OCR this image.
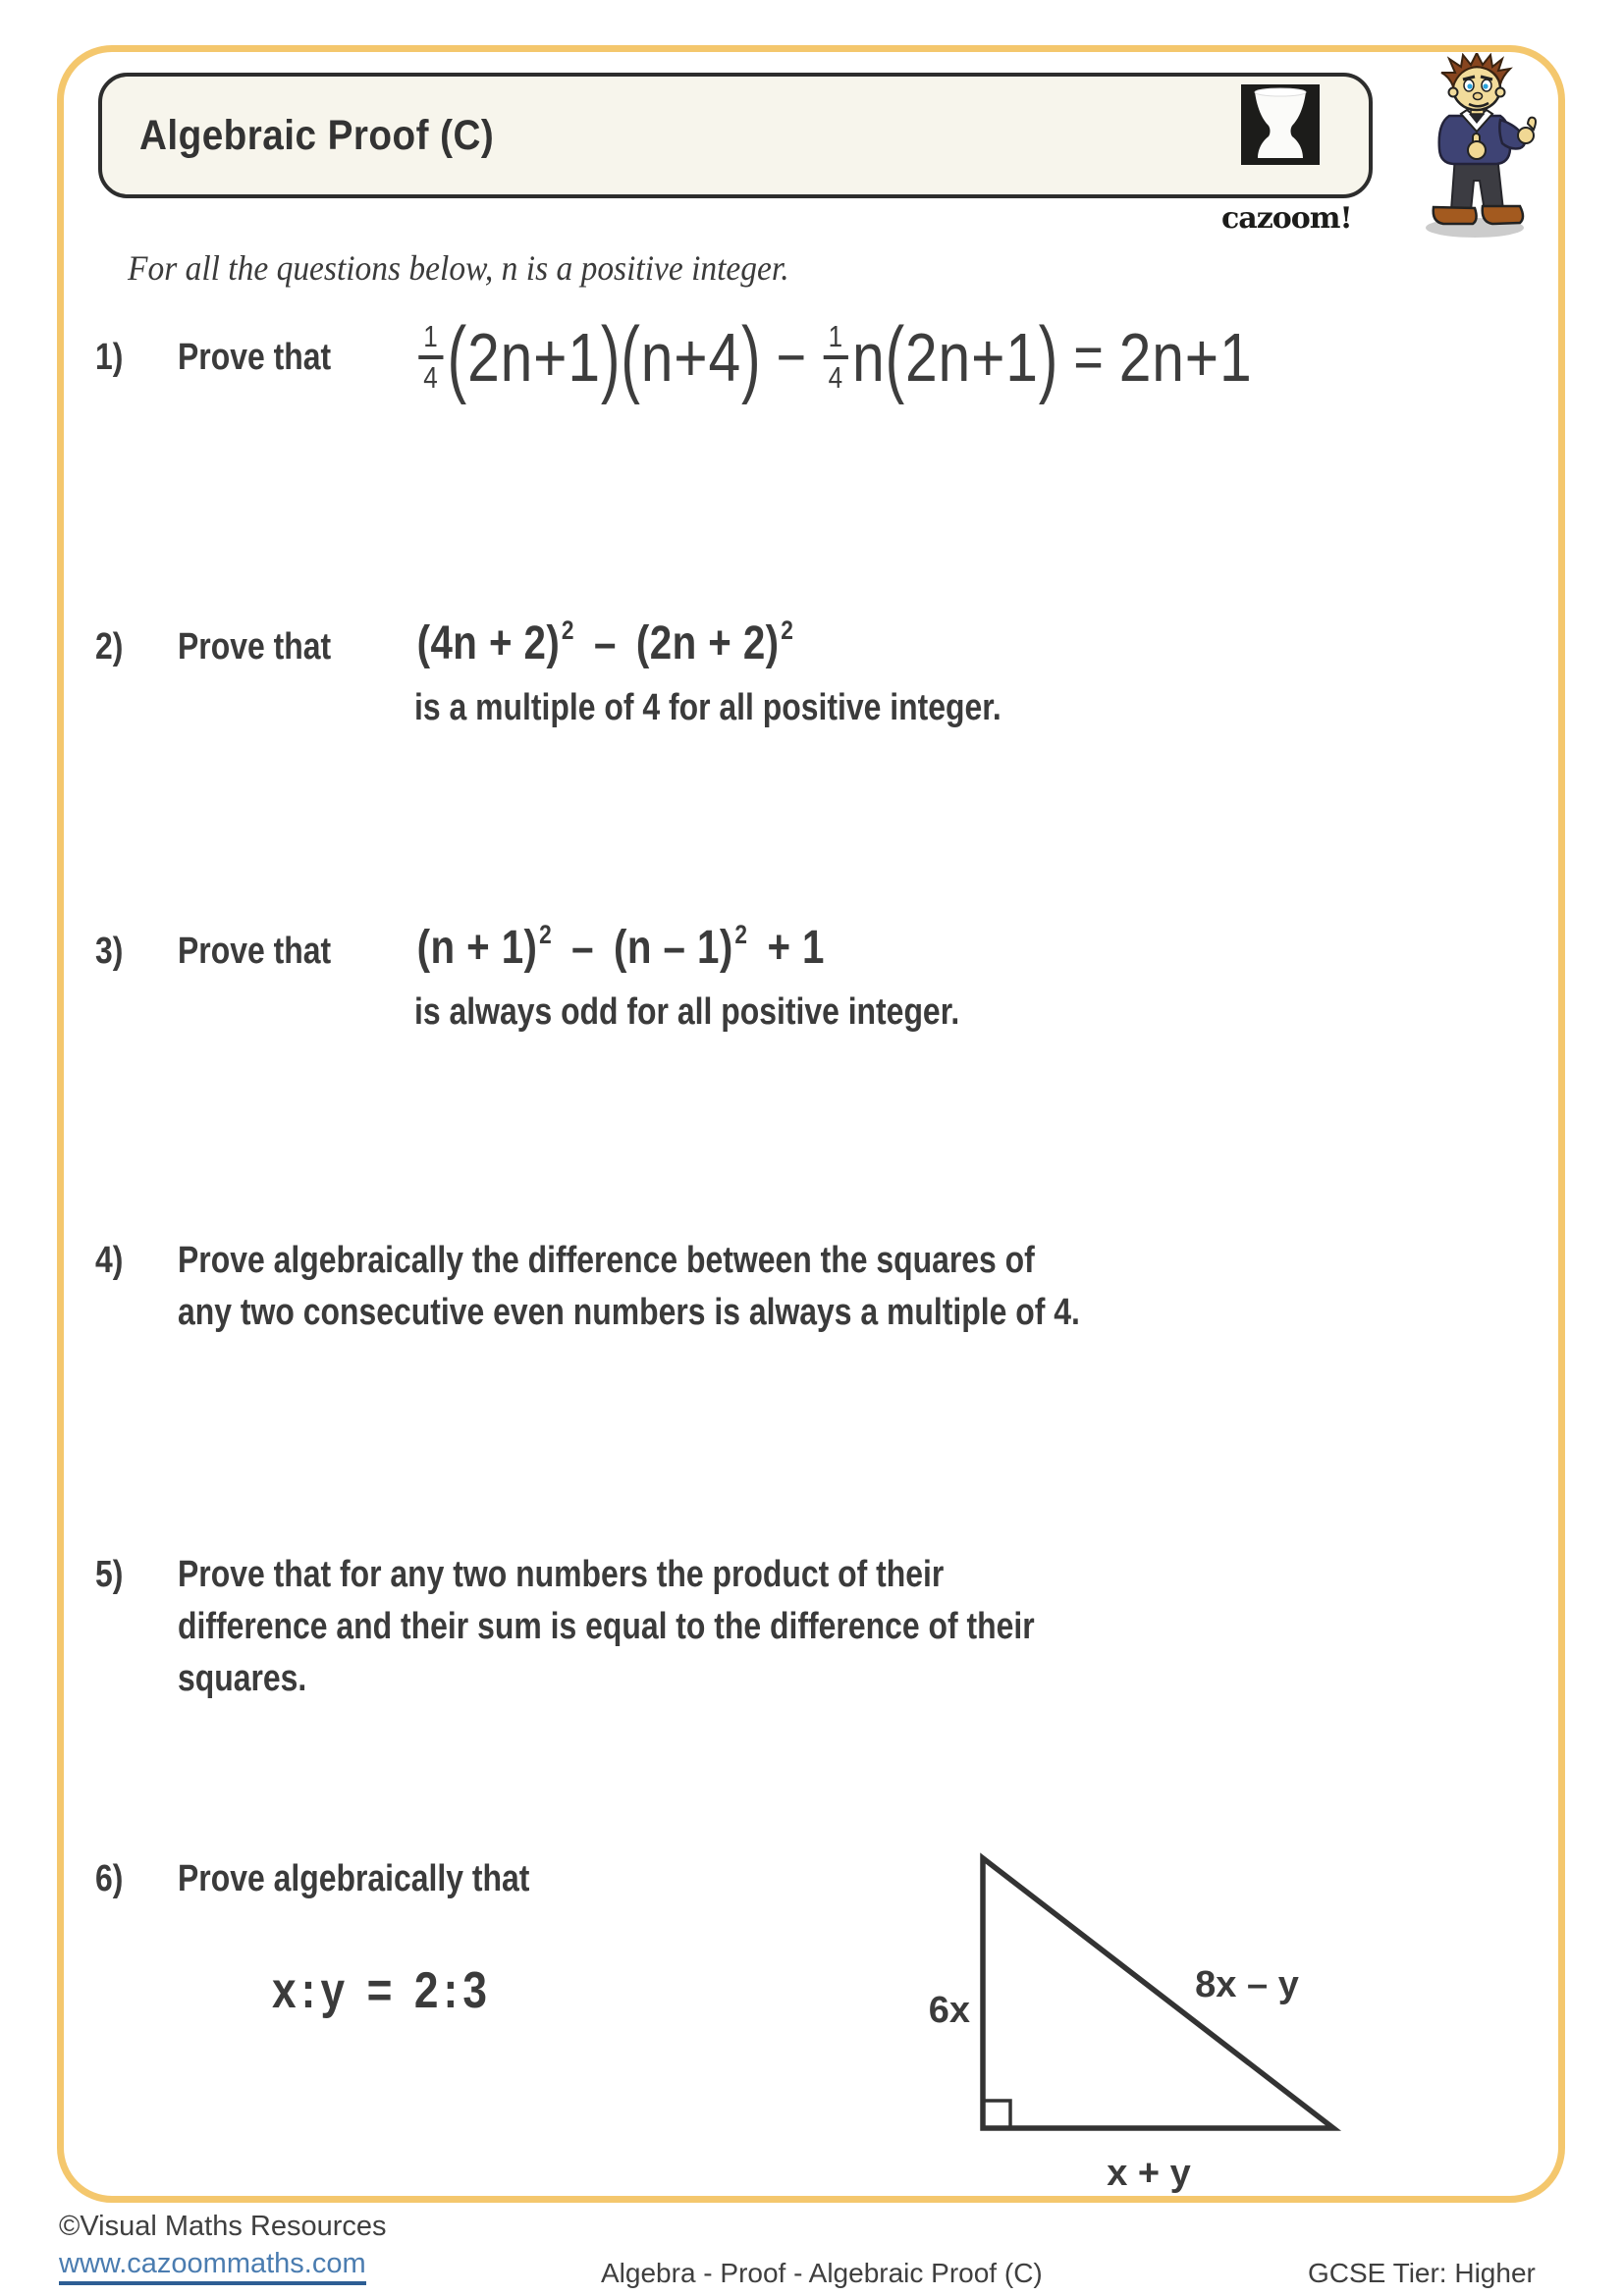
Algebraic Proof (C)
cazoom!
For all the questions below, n is a positive integer.
1)	Prove that	$\frac{1}{4}$ ( 2n+1 ) ( n+4 ) − $\frac{1}{4}$ n ( 2n+1 ) = 2n+1
2)	Prove that	$(4n + 2)^2 - (2n + 2)^2$
is a multiple of 4 for all positive integer.
3)	Prove that	$(n + 1)^2 - (n - 1)^2 + 1$
is always odd for all positive integer.
4)	Prove algebraically the difference between the squares of
any two consecutive even numbers is always a multiple of 4.
5)	Prove that for any two numbers the product of their
difference and their sum is equal to the difference of their
squares.
6)	Prove algebraically that
x:y = 2:3	6x
8x – y
x + y
©Visual Maths Resources
www.cazoommaths.com	Algebra - Proof - Algebraic Proof (C)	GCSE Tier: Higher
